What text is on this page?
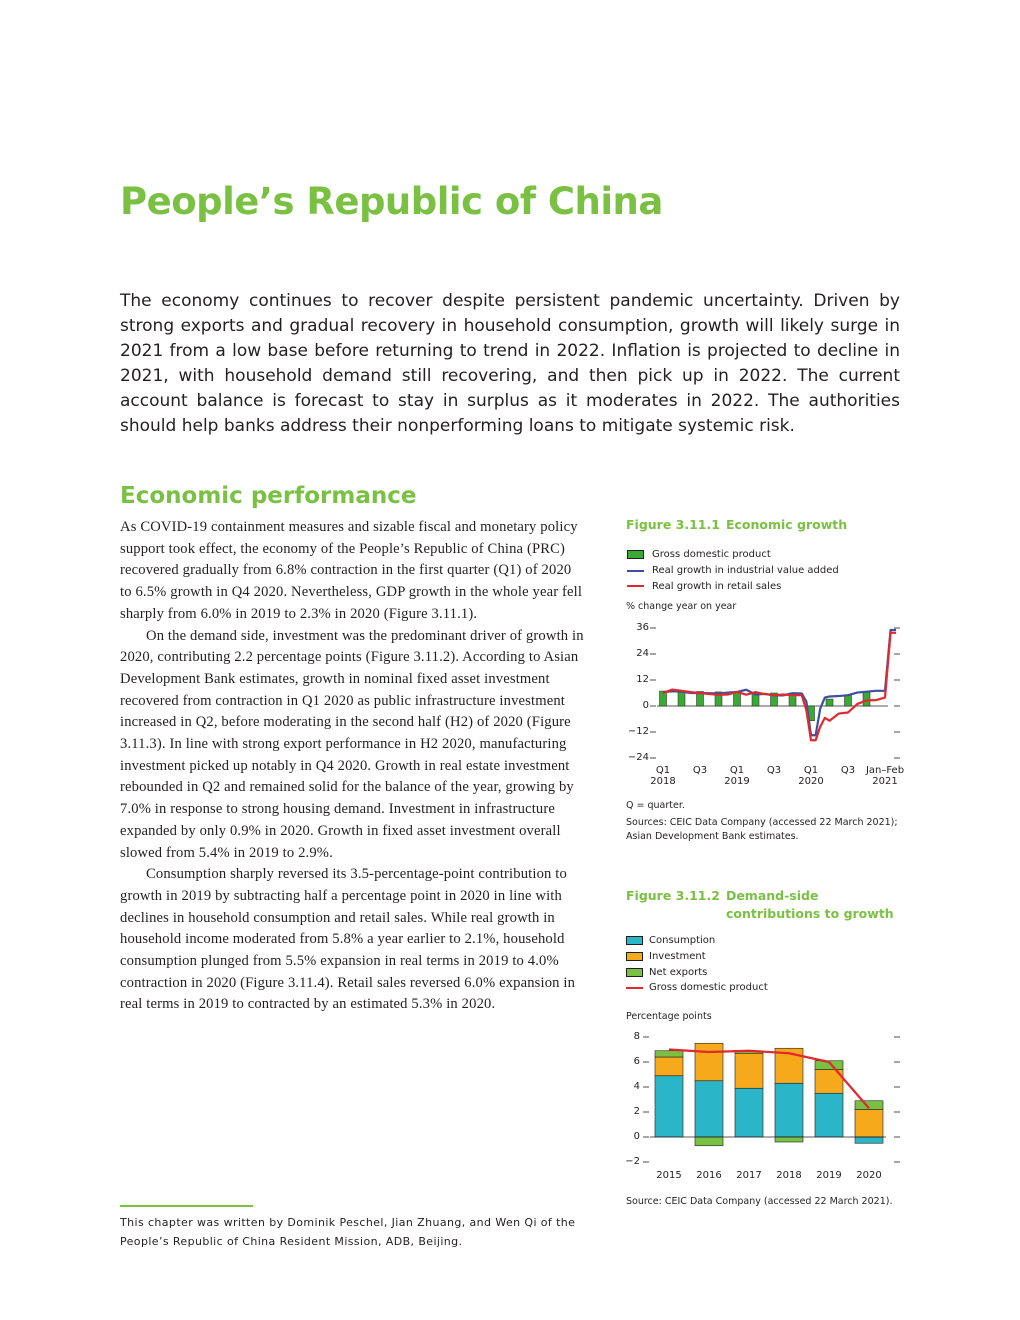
People’s Republic of China

The economy continues to recover despite persistent pandemic uncertainty. Driven by strong exports and gradual recovery in household consumption, growth will likely surge in 2021 from a low base before returning to trend in 2022. Inflation is projected to decline in 2021, with household demand still recovering, and then pick up in 2022. The current account balance is forecast to stay in surplus as it moderates in 2022. The authorities should help banks address their nonperforming loans to mitigate systemic risk.

Economic performance

As COVID-19 containment measures and sizable fiscal and monetary policy support took effect, the economy of the People’s Republic of China (PRC) recovered gradually from 6.8% contraction in the first quarter (Q1) of 2020 to 6.5% growth in Q4 2020. Nevertheless, GDP growth in the whole year fell sharply from 6.0% in 2019 to 2.3% in 2020 (Figure 3.11.1).

On the demand side, investment was the predominant driver of growth in 2020, contributing 2.2 percentage points (Figure 3.11.2). According to Asian Development Bank estimates, growth in nominal fixed asset investment recovered from contraction in Q1 2020 as public infrastructure investment increased in Q2, before moderating in the second half (H2) of 2020 (Figure 3.11.3). In line with strong export performance in H2 2020, manufacturing investment picked up notably in Q4 2020. Growth in real estate investment rebounded in Q2 and remained solid for the balance of the year, growing by 7.0% in response to strong housing demand. Investment in infrastructure expanded by only 0.9% in 2020. Growth in fixed asset investment overall slowed from 5.4% in 2019 to 2.9%.

Consumption sharply reversed its 3.5-percentage-point contribution to growth in 2019 by subtracting half a percentage point in 2020 in line with declines in household consumption and retail sales. While real growth in household income moderated from 5.8% a year earlier to 2.1%, household consumption plunged from 5.5% expansion in real terms in 2019 to 4.0% contraction in 2020 (Figure 3.11.4). Retail sales reversed 6.0% expansion in real terms in 2019 to contracted by an estimated 5.3% in 2020.

This chapter was written by Dominik Peschel, Jian Zhuang, and Wen Qi of the People’s Republic of China Resident Mission, ADB, Beijing.

Figure 3.11.1 Economic growth

Gross domestic product
Real growth in industrial value added
Real growth in retail sales
% change year on year
36
24
12
0
−12
−24
Q1
2018
Q3 Q1
2019
Q3 Q1
2020
Q3 Jan–Feb
2021

Q = quarter.

Sources: CEIC Data Company (accessed 22 March 2021); Asian Development Bank estimates.

Figure 3.11.2 Demand-side contributions to growth
Consumption
Investment
Net exports
Gross domestic product
Percentage points
8
6
4
2
0
−2
2015 2016 2017 2018 2019 2020

Source: CEIC Data Company (accessed 22 March 2021).
